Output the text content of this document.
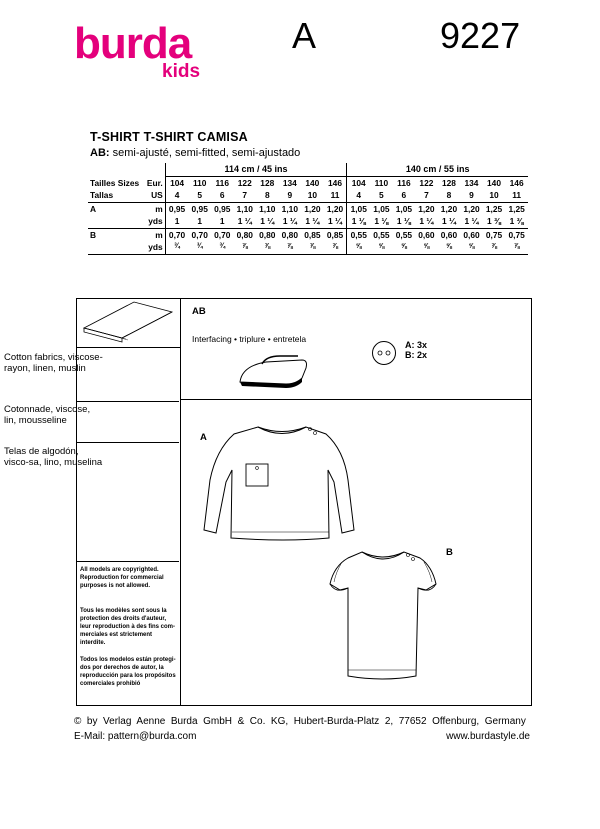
burda
kids
A	9227
T-SHIRT T-SHIRT CAMISA
AB: semi-ajusté, semi-fitted, semi-ajustado
		114 cm / 45 ins								140 cm / 55 ins							
Tailles Sizes	Eur.	104	110	116	122	128	134	140	146	104	110	116	122	128	134	140	146
Tallas	US	4	5	6	7	8	9	10	11	4	5	6	7	8	9	10	11
A	m	0,95	0,95	0,95	1,10	1,10	1,10	1,20	1,20	1,05	1,05	1,05	1,20	1,20	1,20	1,25	1,25
	yds	1	1	1	1 ¼	1 ¼	1 ¼	1 ¼	1 ¼	1 ⅛	1 ⅛	1 ⅛	1 ¼	1 ¼	1 ¼	1 ⅜	1 ⅜
B	m	0,70	0,70	0,70	0,80	0,80	0,80	0,85	0,85	0,55	0,55	0,55	0,60	0,60	0,60	0,75	0,75
	yds	¾	¾	¾	⅞	⅞	⅞	⅞	⅞	⅝	⅝	⅝	⅝	⅝	⅝	⅞	⅞
Cotton fabrics, viscose-rayon, linen, muslin
Cotonnade, viscose, lin, mousseline
Telas de algodón, visco-sa, lino, muselina
All models are copyrighted. Reproduction for commercial purposes is not allowed.
Tous les modèles sont sous la protection des droits d'auteur, leur reproduction à des fins com-merciales est strictement interdite.
Todos los modelos están protegi-dos por derechos de autor, la reproducción para los propósitos comerciales prohibió
AB
Interfacing • triplure • entretela
A: 3x
B: 2x
A
B
©  by  Verlag  Aenne  Burda  GmbH  &  Co.  KG,  Hubert-Burda-Platz  2,  77652  Offenburg,  Germany
E-Mail: pattern@burda.com	www.burdastyle.de
